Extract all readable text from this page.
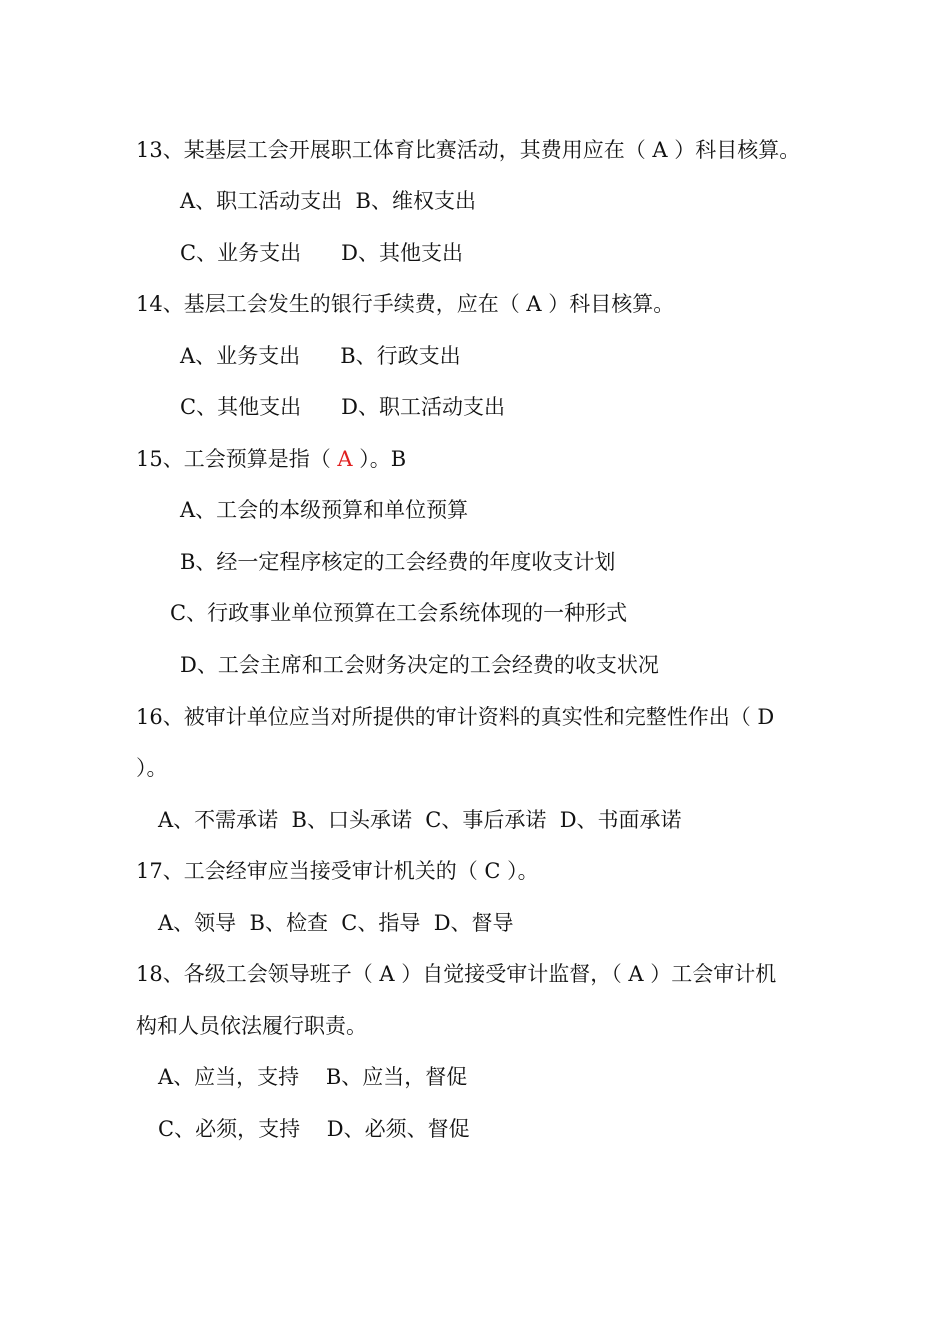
13、某基层工会开展职工体育比赛活动，其费用应在（ A ）科目核算。
A、职工活动支出  B、维权支出
C、业务支出      D、其他支出
14、基层工会发生的银行手续费，应在（ A ）科目核算。
A、业务支出      B、行政支出
C、其他支出      D、职工活动支出
15、工会预算是指（ A ）。B
A、工会的本级预算和单位预算
B、经一定程序核定的工会经费的年度收支计划
C、行政事业单位预算在工会系统体现的一种形式
D、工会主席和工会财务决定的工会经费的收支状况
16、被审计单位应当对所提供的审计资料的真实性和完整性作出（ D
）。
A、不需承诺  B、口头承诺  C、事后承诺  D、书面承诺
17、工会经审应当接受审计机关的（ C ）。
A、领导  B、检查  C、指导  D、督导
18、各级工会领导班子（ A ）自觉接受审计监督，（ A ）工会审计机
构和人员依法履行职责。
A、应当，支持    B、应当，督促
C、必须，支持    D、必须、督促
